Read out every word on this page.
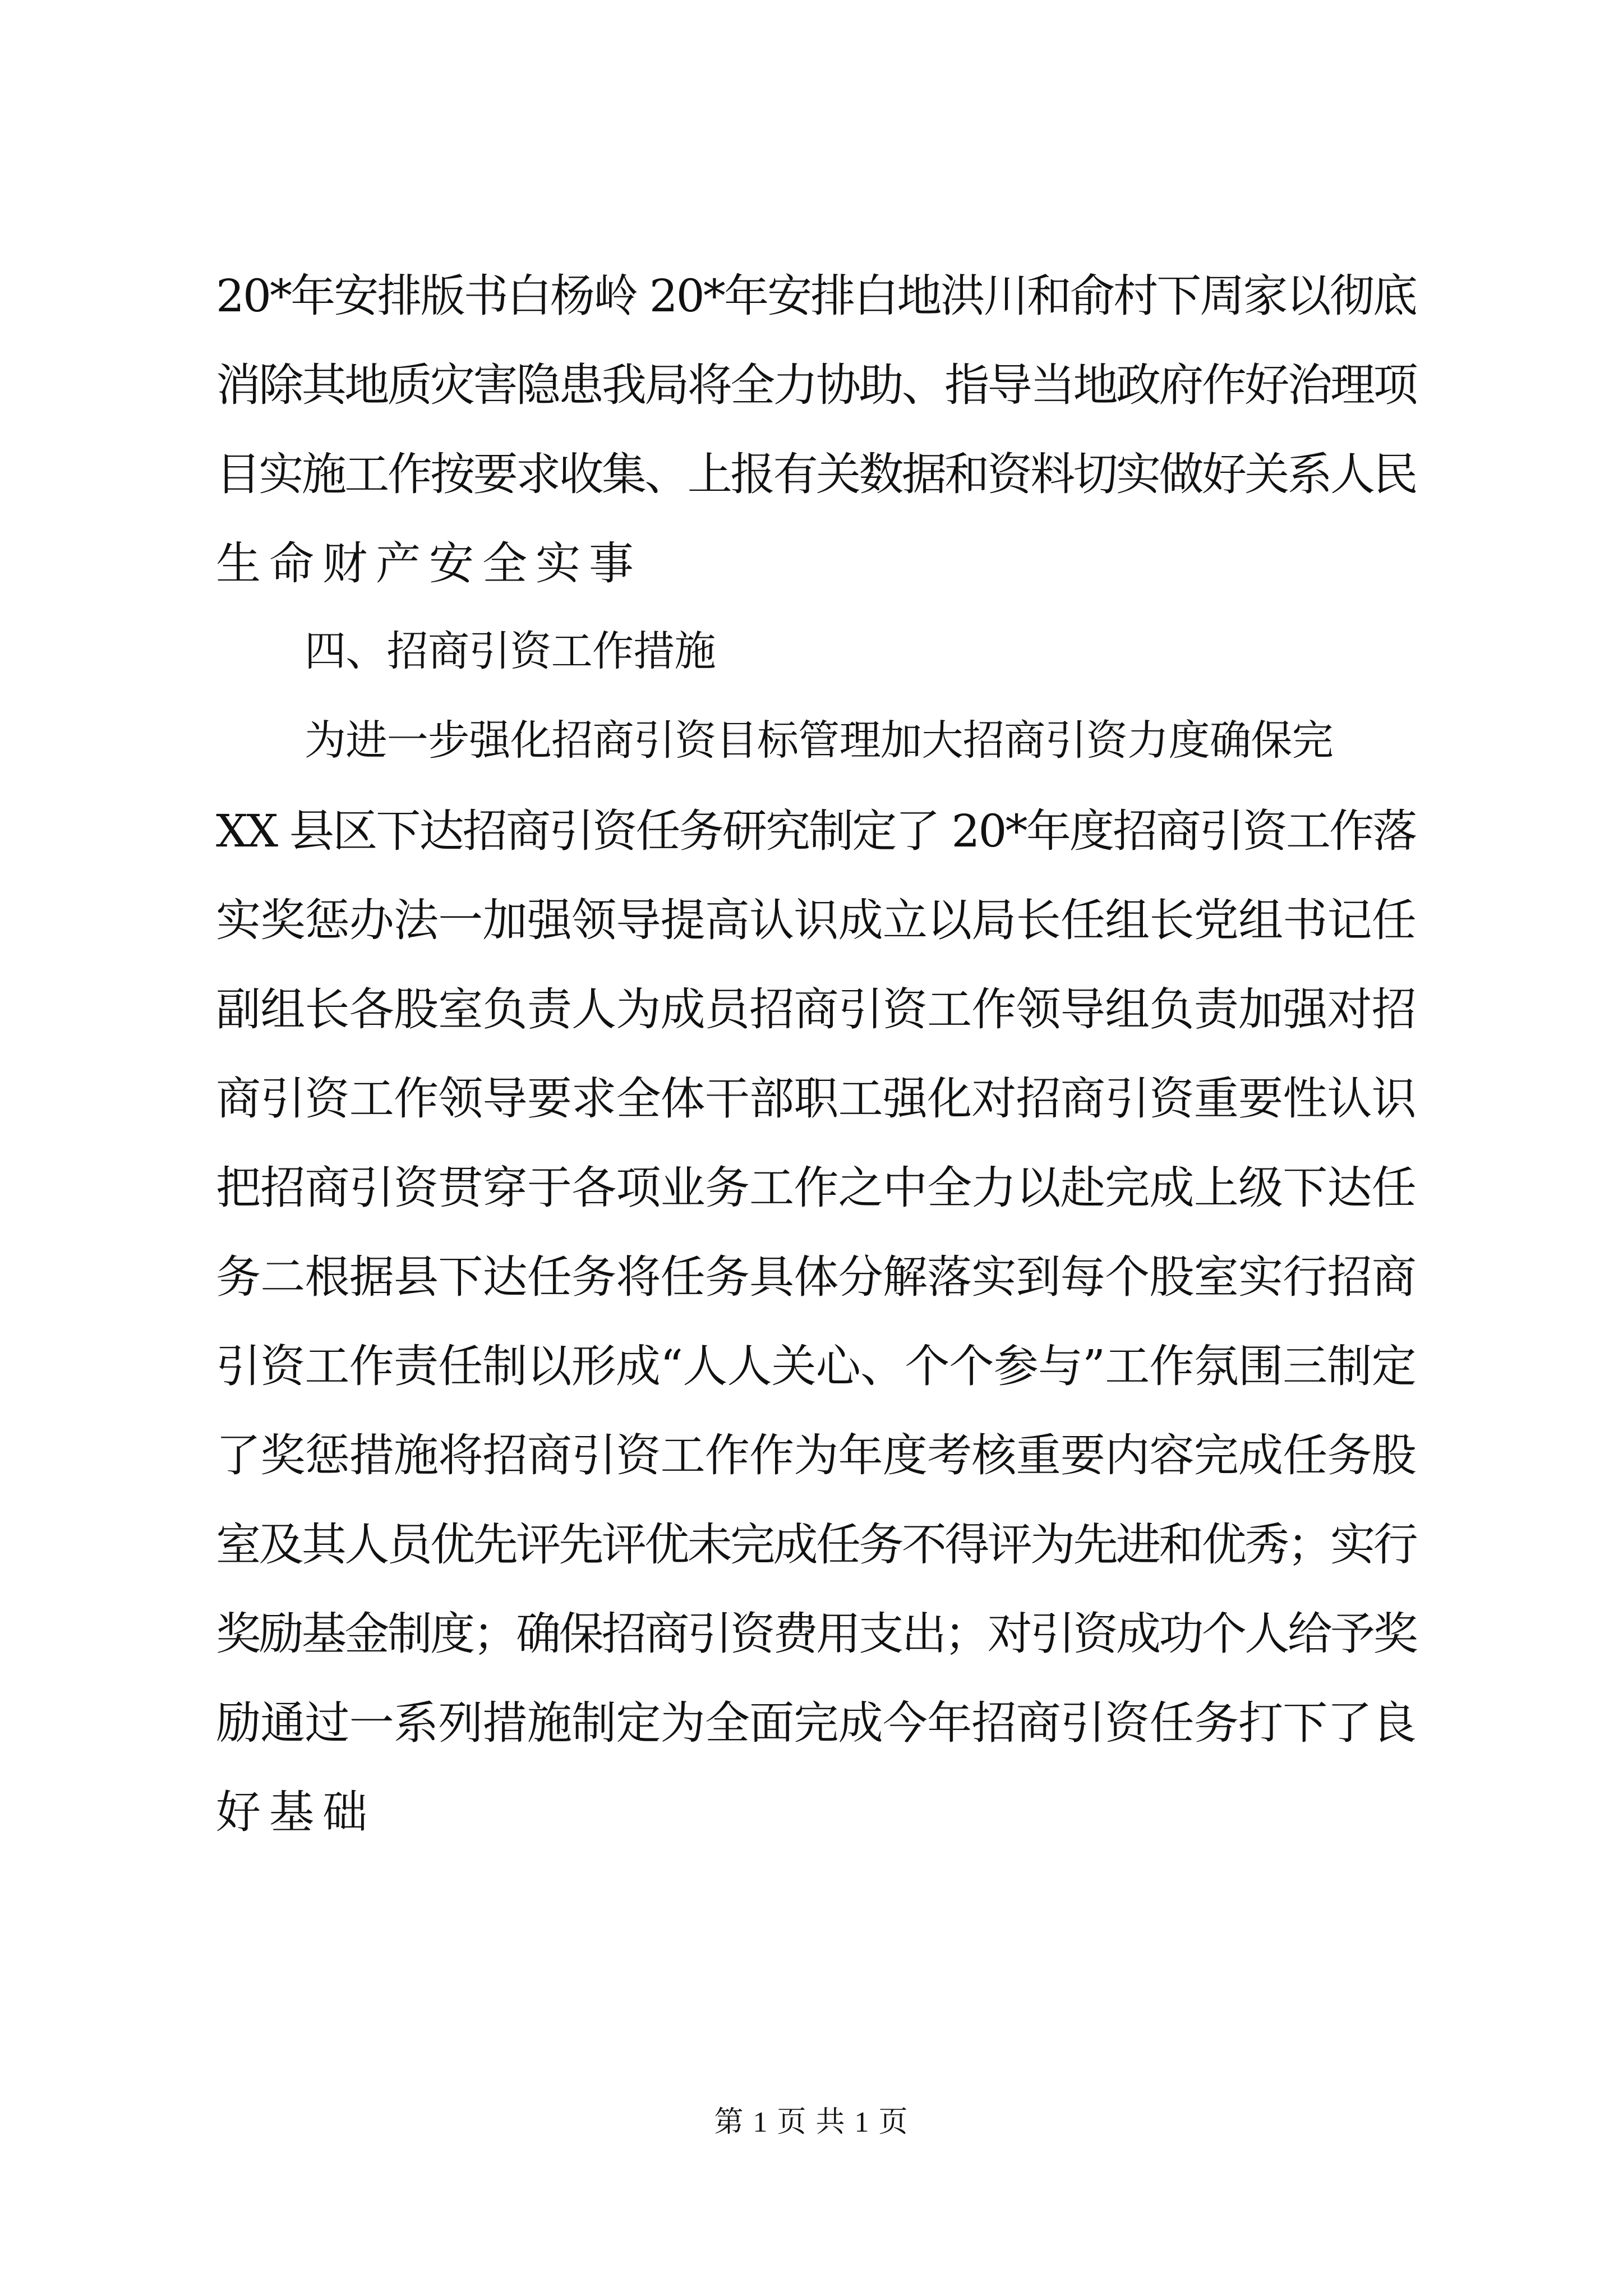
20*年安排版书白杨岭 20*年安排白地洪川和俞村下周家以彻底
消除其地质灾害隐患我局将全力协助、指导当地政府作好治理项
目实施工作按要求收集、上报有关数据和资料切实做好关系人民
生命财产安全实事
四、招商引资工作措施
为进一步强化招商引资目标管理加大招商引资力度确保完
XX 县区下达招商引资任务研究制定了 20*年度招商引资工作落
实奖惩办法一加强领导提高认识成立以局长任组长党组书记任
副组长各股室负责人为成员招商引资工作领导组负责加强对招
商引资工作领导要求全体干部职工强化对招商引资重要性认识
把招商引资贯穿于各项业务工作之中全力以赴完成上级下达任
务二根据县下达任务将任务具体分解落实到每个股室实行招商
引资工作责任制以形成“人人关心、个个参与”工作氛围三制定
了奖惩措施将招商引资工作作为年度考核重要内容完成任务股
室及其人员优先评先评优未完成任务不得评为先进和优秀；实行
奖励基金制度；确保招商引资费用支出；对引资成功个人给予奖
励通过一系列措施制定为全面完成今年招商引资任务打下了良
好基础
第 1 页 共 1 页
